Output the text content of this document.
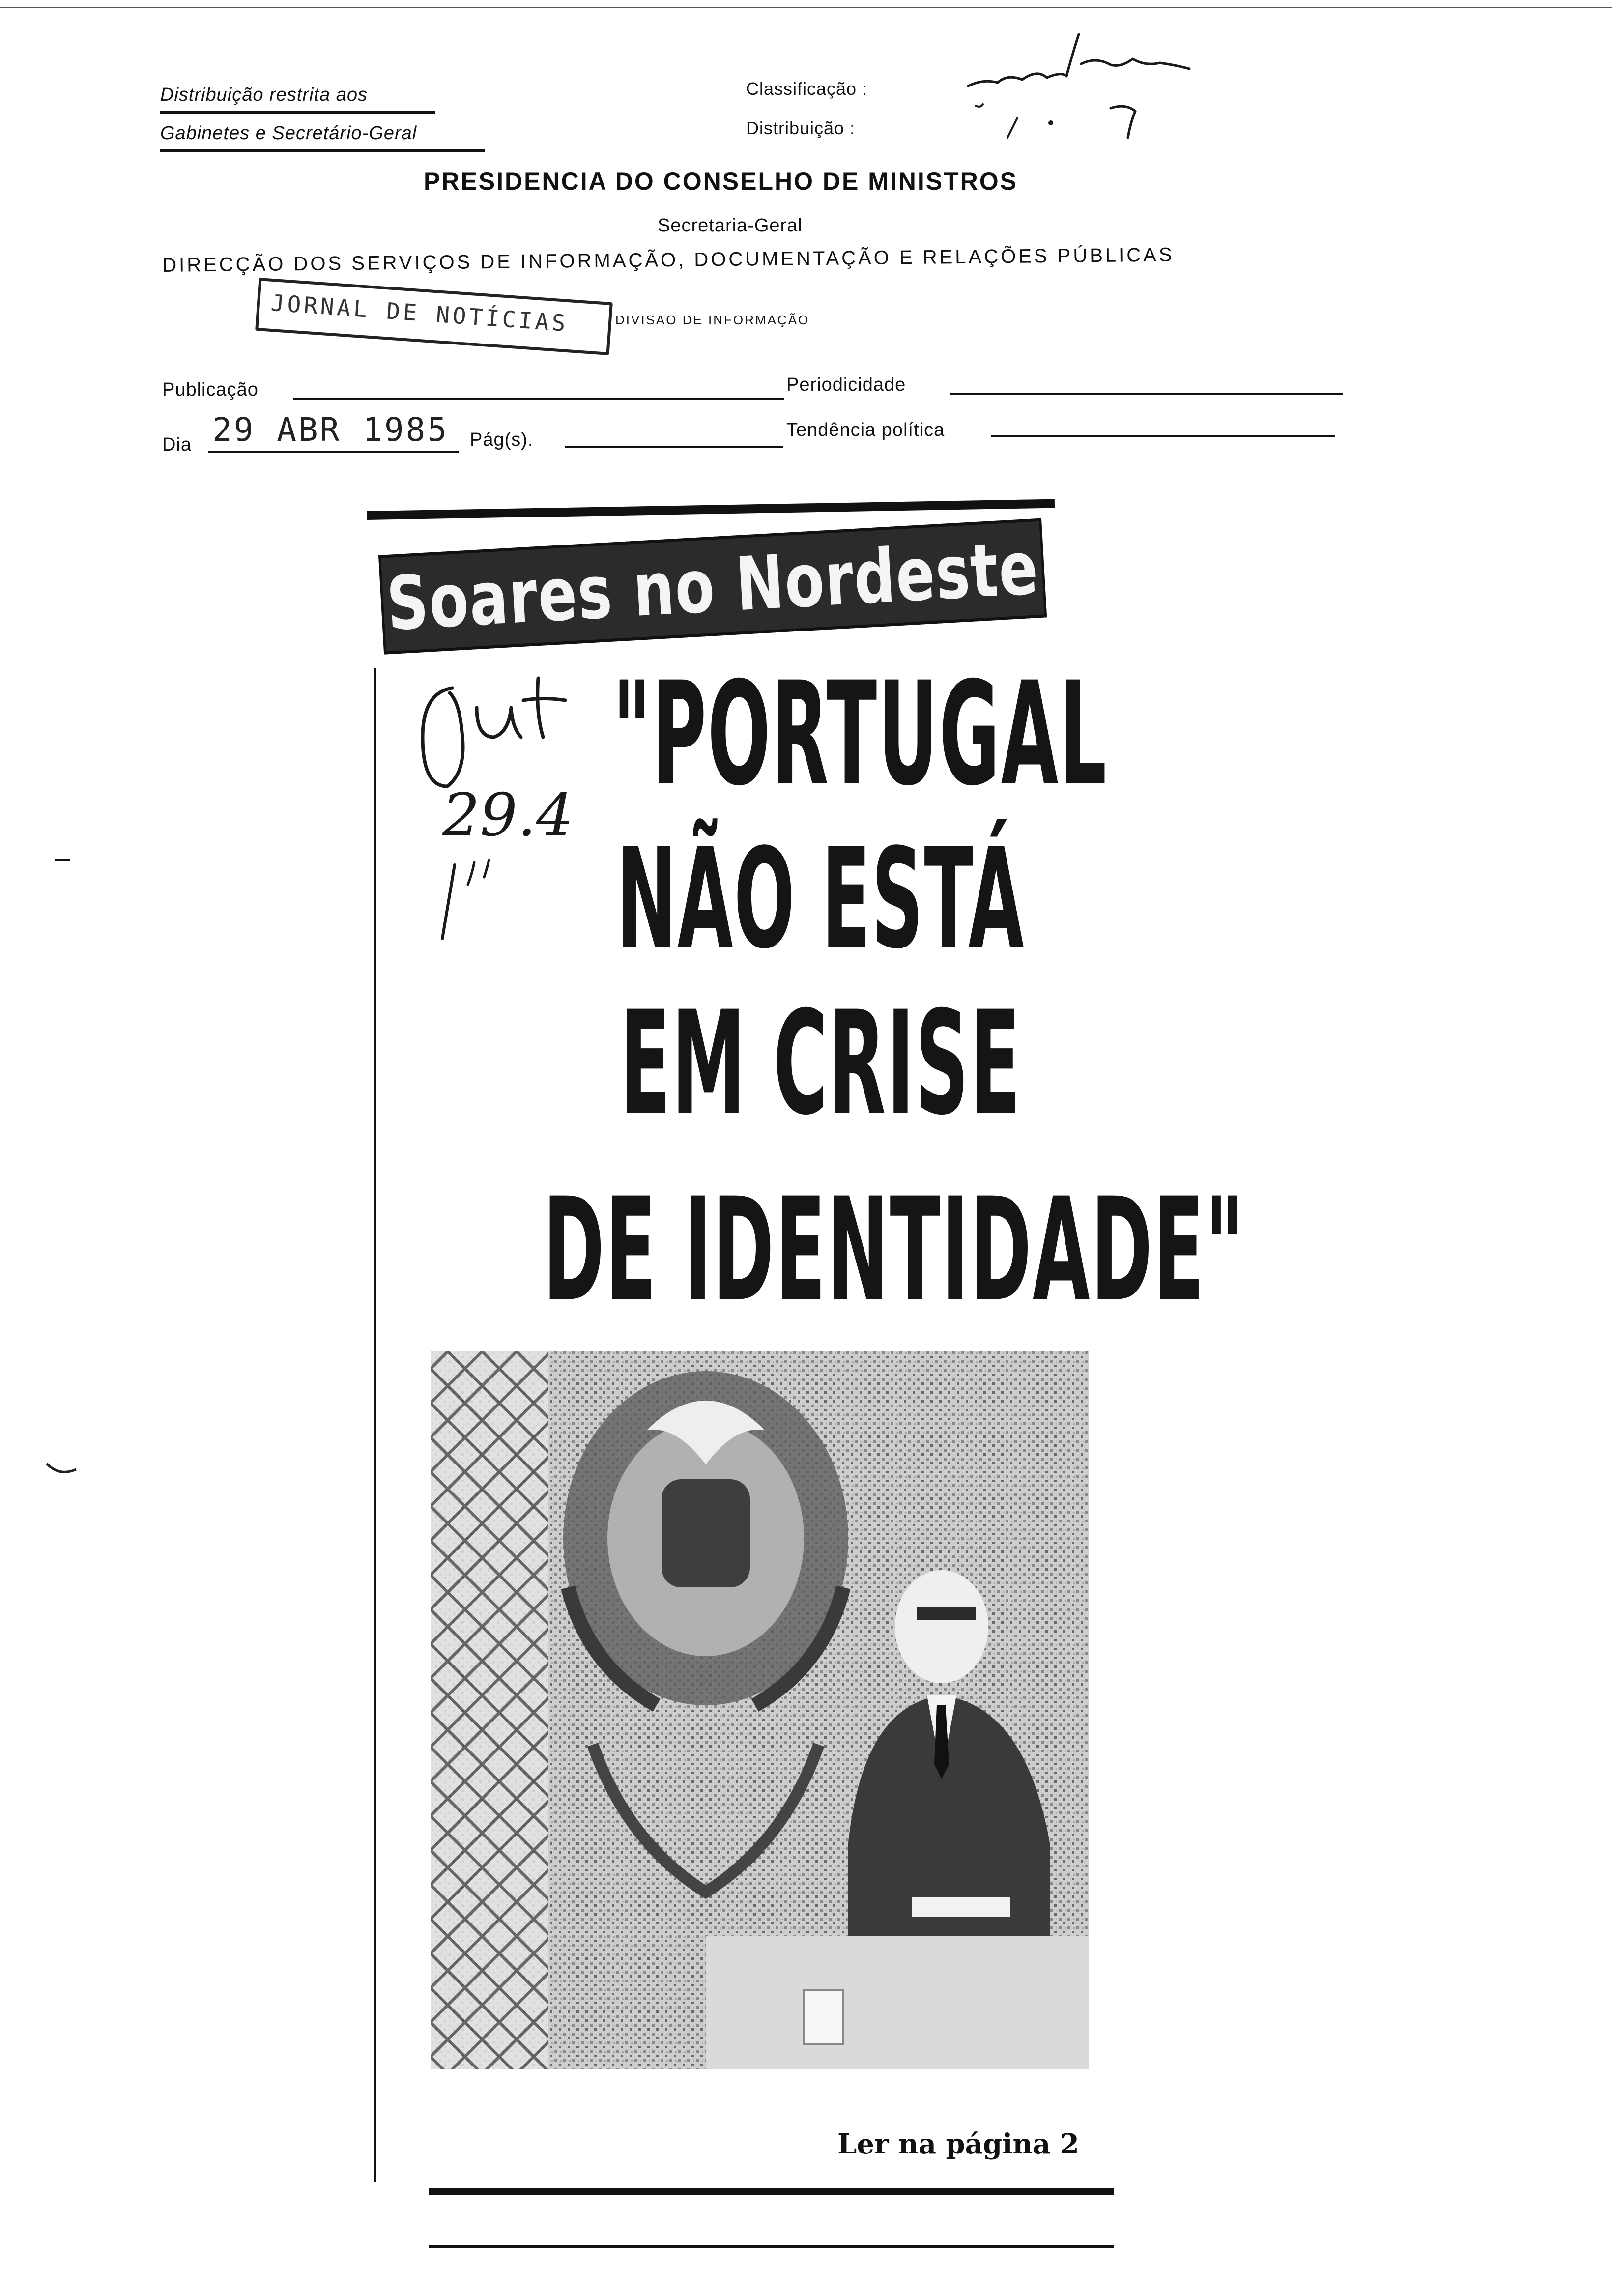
Distribuição restrita aos
Gabinetes e Secretário-Geral
Classificação :
Distribuição :
PRESIDENCIA DO CONSELHO DE MINISTROS
Secretaria-Geral
DIRECÇÃO DOS SERVIÇOS DE INFORMAÇÃO, DOCUMENTAÇÃO E RELAÇÕES PÚBLICAS
JORNAL DE NOTÍCIAS	DIVISAO DE INFORMAÇÃO
Publicação	Periodicidade
Dia 29 ABR 1985 Pág(s).	Tendência política
Soares no Nordeste
"PORTUGAL
NÃO ESTÁ
EM CRISE
DE IDENTIDADE"
29.4
Out
Ler na página 2
